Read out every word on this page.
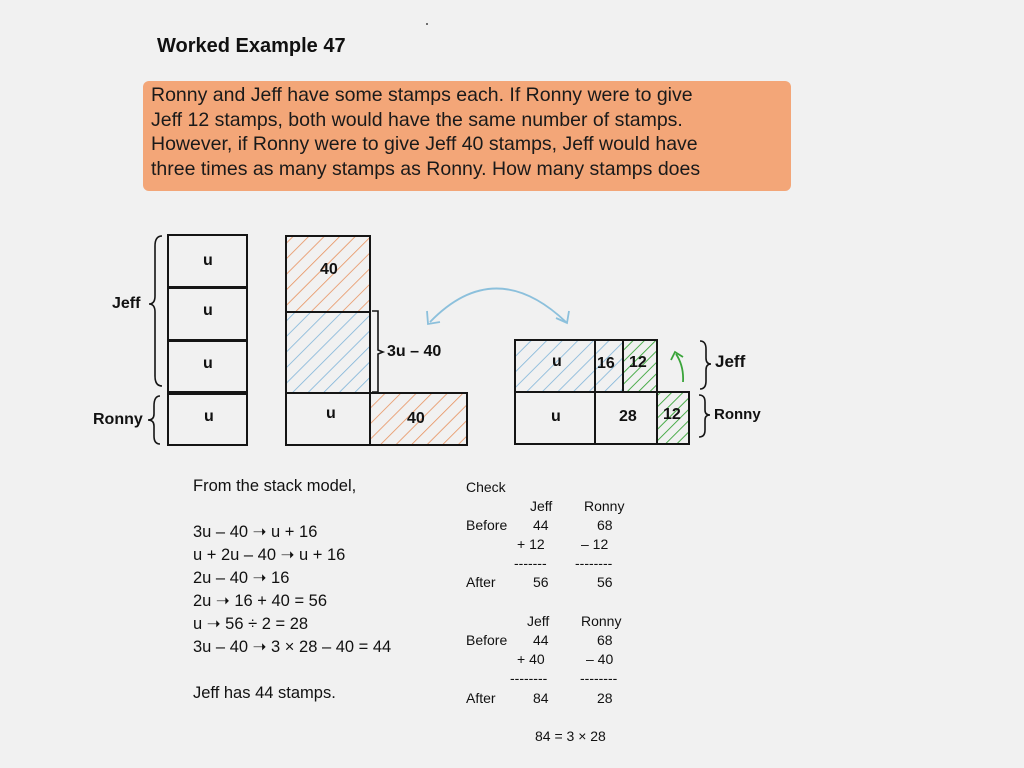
Worked Example 47
Ronny and Jeff have some stamps each. If Ronny were to give
Jeff 12 stamps, both would have the same number of stamps.
However, if Ronny were to give Jeff 40 stamps, Jeff would have
three times as many stamps as Ronny. How many stamps does
u
u
u
u
Jeff
Ronny
40
u	40
3u – 40
u 16 12
u	28 12
Jeff
Ronny
From the stack model,
3u – 40 ➝ u + 16
u + 2u – 40 ➝ u + 16
2u – 40 ➝ 16
2u ➝ 16 + 40 = 56
u ➝ 56 ÷ 2 = 28
3u – 40 ➝ 3 × 28 – 40 = 44
Jeff has 44 stamps.
Check
Jeff Ronny
Before 44	68
+ 12	– 12
------- --------
After	56	56
Jeff Ronny
Before 44	68
+ 40	– 40
-------- --------
After	84	28
84 = 3 × 28
